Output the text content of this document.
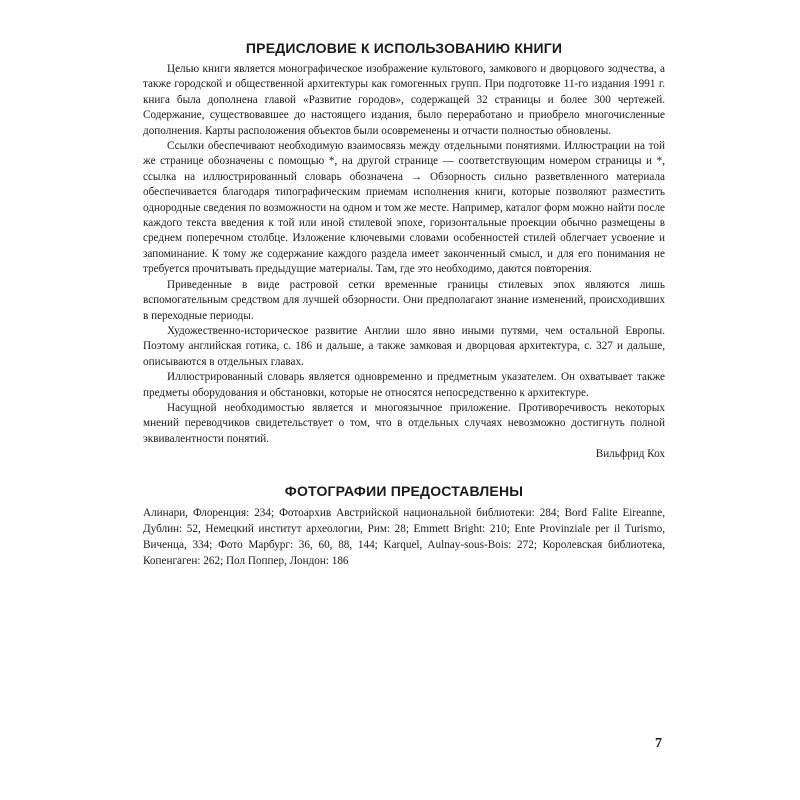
ПРЕДИСЛОВИЕ К ИСПОЛЬЗОВАНИЮ КНИГИ

Целью книги является монографическое изображение культового, замкового и дворцового зодчества, а также городской и общественной архитектуры как гомогенных групп. При подготовке 11-го издания 1991 г. книга была дополнена главой «Развитие городов», содержащей 32 страницы и более 300 чертежей. Содержание, существовавшее до настоящего издания, было переработано и приобрело многочисленные дополнения. Карты расположения объектов были осовременены и отчасти полностью обновлены.

Ссылки обеспечивают необходимую взаимосвязь между отдельными понятиями. Иллюстрации на той же странице обозначены с помощью *, на другой странице — соответствующим номером страницы и *, ссылка на иллюстрированный словарь обозначена → Обзорность сильно разветвленного материала обеспечивается благодаря типографическим приемам исполнения книги, которые позволяют разместить однородные сведения по возможности на одном и том же месте. Например, каталог форм можно найти после каждого текста введения к той или иной стилевой эпохе, горизонтальные проекции обычно размещены в среднем поперечном столбце. Изложение ключевыми словами особенностей стилей облегчает усвоение и запоминание. К тому же содержание каждого раздела имеет законченный смысл, и для его понимания не требуется прочитывать предыдущие материалы. Там, где это необходимо, даются повторения.

Приведенные в виде растровой сетки временные границы стилевых эпох являются лишь вспомогательным средством для лучшей обзорности. Они предполагают знание изменений, происходивших в переходные периоды.

Художественно-историческое развитие Англии шло явно иными путями, чем остальной Европы. Поэтому английская готика, с. 186 и дальше, а также замковая и дворцовая архитектура, с. 327 и дальше, описываются в отдельных главах.

Иллюстрированный словарь является одновременно и предметным указателем. Он охватывает также предметы оборудования и обстановки, которые не относятся непосредственно к архитектуре.

Насущной необходимостью является и многоязычное приложение. Противоречивость некоторых мнений переводчиков свидетельствует о том, что в отдельных случаях невозможно достигнуть полной эквивалентности понятий.

Вильфрид Кох

ФОТОГРАФИИ ПРЕДОСТАВЛЕНЫ

Алинари, Флоренция: 234; Фотоархив Австрийской национальной библиотеки: 284; Bord Falite Eireanne, Дублин: 52, Немецкий институт археологии, Рим: 28; Emmett Bright: 210; Ente Provinziale per il Turismo, Виченца, 334; Фото Марбург: 36, 60, 88, 144; Karquel, Aulnay-sous-Bois: 272; Королевская библиотека, Копенгаген: 262; Пол Поппер, Лондон: 186

7
